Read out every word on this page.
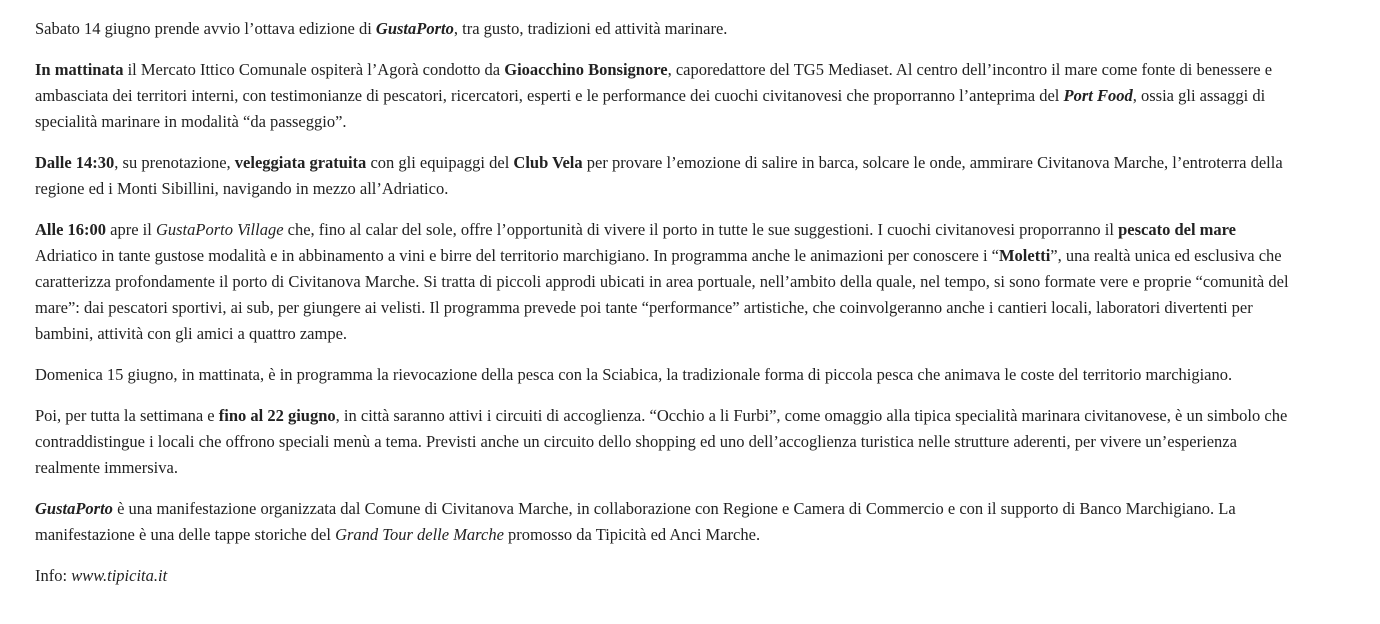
Sabato 14 giugno prende avvio l’ottava edizione di GustaPorto, tra gusto, tradizioni ed attività marinare.

In mattinata il Mercato Ittico Comunale ospiterà l’Agorà condotto da Gioacchino Bonsignore, caporedattore del TG5 Mediaset. Al centro dell’incontro il mare come fonte di benessere e ambasciata dei territori interni, con testimonianze di pescatori, ricercatori, esperti e le performance dei cuochi civitanovesi che proporranno l’anteprima del Port Food, ossia gli assaggi di specialità marinare in modalità “da passeggio”.

Dalle 14:30, su prenotazione, veleggiata gratuita con gli equipaggi del Club Vela per provare l’emozione di salire in barca, solcare le onde, ammirare Civitanova Marche, l’entroterra della regione ed i Monti Sibillini, navigando in mezzo all’Adriatico.

Alle 16:00 apre il GustaPorto Village che, fino al calar del sole, offre l’opportunità di vivere il porto in tutte le sue suggestioni. I cuochi civitanovesi proporranno il pescato del mare Adriatico in tante gustose modalità e in abbinamento a vini e birre del territorio marchigiano. In programma anche le animazioni per conoscere i “Moletti”, una realtà unica ed esclusiva che caratterizza profondamente il porto di Civitanova Marche. Si tratta di piccoli approdi ubicati in area portuale, nell’ambito della quale, nel tempo, si sono formate vere e proprie “comunità del mare”: dai pescatori sportivi, ai sub, per giungere ai velisti. Il programma prevede poi tante “performance” artistiche, che coinvolgeranno anche i cantieri locali, laboratori divertenti per bambini, attività con gli amici a quattro zampe.

Domenica 15 giugno, in mattinata, è in programma la rievocazione della pesca con la Sciabica, la tradizionale forma di piccola pesca che animava le coste del territorio marchigiano.

Poi, per tutta la settimana e fino al 22 giugno, in città saranno attivi i circuiti di accoglienza. “Occhio a li Furbi”, come omaggio alla tipica specialità marinara civitanovese, è un simbolo che contraddistingue i locali che offrono speciali menù a tema. Previsti anche un circuito dello shopping ed uno dell’accoglienza turistica nelle strutture aderenti, per vivere un’esperienza realmente immersiva.

GustaPorto è una manifestazione organizzata dal Comune di Civitanova Marche, in collaborazione con Regione e Camera di Commercio e con il supporto di Banco Marchigiano. La manifestazione è una delle tappe storiche del Grand Tour delle Marche promosso da Tipicità ed Anci Marche.

Info: www.tipicita.it
